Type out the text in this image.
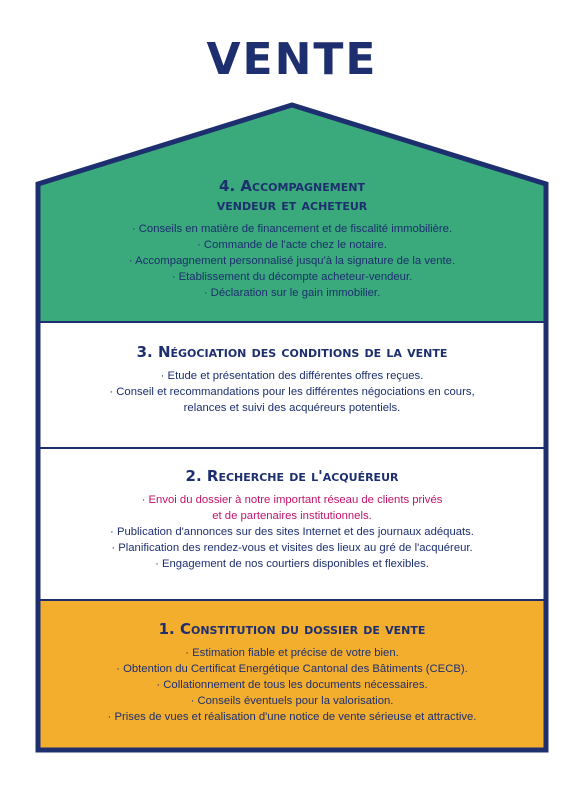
VENTE
4. Accompagnement
vendeur et acheteur
· Conseils en matière de financement et de fiscalité immobilière.
· Commande de l'acte chez le notaire.
· Accompagnement personnalisé jusqu'à la signature de la vente.
· Etablissement du décompte acheteur-vendeur.
· Déclaration sur le gain immobilier.
3. Négociation des conditions de la vente
· Etude et présentation des différentes offres reçues.
· Conseil et recommandations pour les différentes négociations en cours,
relances et suivi des acquéreurs potentiels.
2. Recherche de l'acquéreur
· Envoi du dossier à notre important réseau de clients privés
et de partenaires institutionnels.
· Publication d'annonces sur des sites Internet et des journaux adéquats.
· Planification des rendez-vous et visites des lieux au gré de l'acquéreur.
· Engagement de nos courtiers disponibles et flexibles.
1. Constitution du dossier de vente
· Estimation fiable et précise de votre bien.
· Obtention du Certificat Energétique Cantonal des Bâtiments (CECB).
· Collationnement de tous les documents nécessaires.
· Conseils éventuels pour la valorisation.
· Prises de vues et réalisation d'une notice de vente sérieuse et attractive.
